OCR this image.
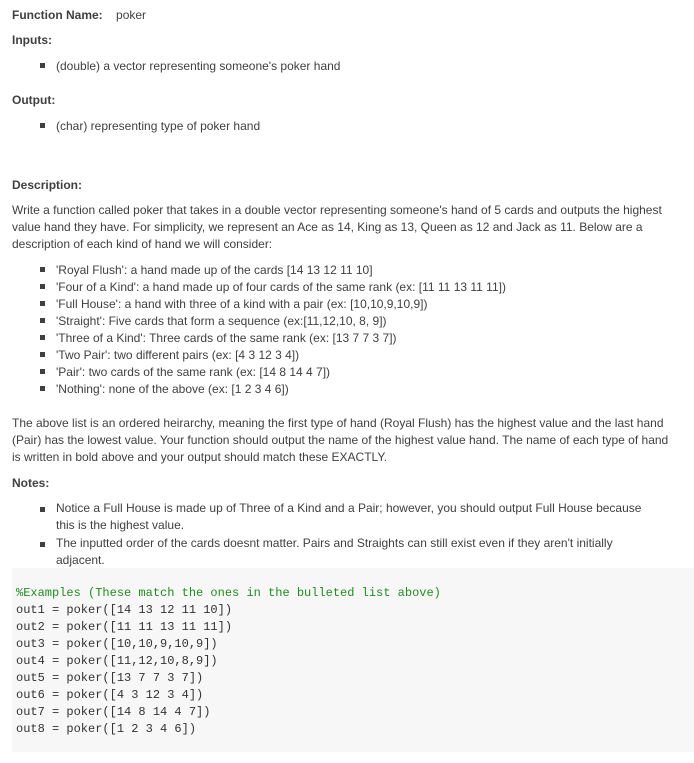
Function Name: poker
Inputs:
(double) a vector representing someone's poker hand
Output:
(char) representing type of poker hand
Description:
Write a function called poker that takes in a double vector representing someone's hand of 5 cards and outputs the highest value hand they have. For simplicity, we represent an Ace as 14, King as 13, Queen as 12 and Jack as 11. Below are a description of each kind of hand we will consider:
'Royal Flush': a hand made up of the cards [14 13 12 11 10]
'Four of a Kind': a hand made up of four cards of the same rank (ex: [11 11 13 11 11])
'Full House': a hand with three of a kind with a pair (ex: [10,10,9,10,9])
'Straight': Five cards that form a sequence (ex:[11,12,10, 8, 9])
'Three of a Kind': Three cards of the same rank (ex: [13 7 7 3 7])
'Two Pair': two different pairs (ex: [4 3 12 3 4])
'Pair': two cards of the same rank (ex: [14 8 14 4 7])
'Nothing': none of the above (ex: [1 2 3 4 6])
The above list is an ordered heirarchy, meaning the first type of hand (Royal Flush) has the highest value and the last hand (Pair) has the lowest value. Your function should output the name of the highest value hand. The name of each type of hand is written in bold above and your output should match these EXACTLY.
Notes:
Notice a Full House is made up of Three of a Kind and a Pair; however, you should output Full House because this is the highest value.
The inputted order of the cards doesnt matter. Pairs and Straights can still exist even if they aren't initially adjacent.
%Examples (These match the ones in the bulleted list above)
out1 = poker([14 13 12 11 10])
out2 = poker([11 11 13 11 11])
out3 = poker([10,10,9,10,9])
out4 = poker([11,12,10,8,9])
out5 = poker([13 7 7 3 7])
out6 = poker([4 3 12 3 4])
out7 = poker([14 8 14 4 7])
out8 = poker([1 2 3 4 6])
